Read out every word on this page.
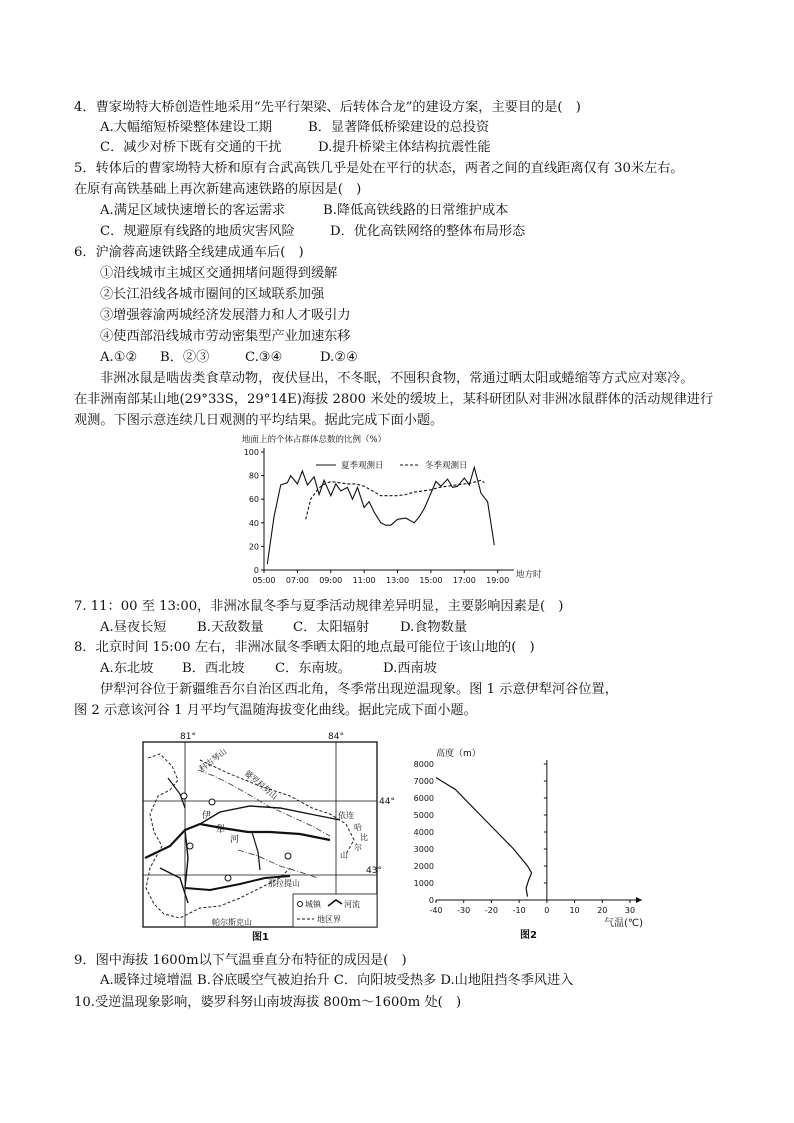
4．曹家坳特大桥创造性地采用“先平行架梁、后转体合龙”的建设方案，主要目的是(　)
A.大幅缩短桥梁整体建设工期	B．显著降低桥梁建设的总投资
C．减少对桥下既有交通的干扰	D.提升桥梁主体结构抗震性能
5．转体后的曹家坳特大桥和原有合武高铁几乎是处在平行的状态，两者之间的直线距离仅有 30米左右。
在原有高铁基础上再次新建高速铁路的原因是(　)
A.满足区域快速增长的客运需求	B.降低高铁线路的日常维护成本
C．规避原有线路的地质灾害风险	D．优化高铁网络的整体布局形态
6．沪渝蓉高速铁路全线建成通车后(　)
①沿线城市主城区交通拥堵问题得到缓解
②长江沿线各城市圈间的区域联系加强
③增强蓉渝两城经济发展潜力和人才吸引力
④使西部沿线城市劳动密集型产业加速东移
A.①② B．②③	C.③④	D.②④
非洲冰鼠是啮齿类食草动物，夜伏昼出，不冬眠，不囤积食物，常通过晒太阳或蜷缩等方式应对寒冷。
在非洲南部某山地(29°33S，29°14E)海拔 2800 米处的缓坡上，某科研团队对非洲冰鼠群体的活动规律进行
观测。下图示意连续几日观测的平均结果。据此完成下面小题。
地面上的个体占群体总数的比例（%）
0
20
40
60
80
100
05:00 07:00 09:00 11:00 13:00 15:00 17:00 19:00
夏季观测日	冬季观测日
地方时
7. 11：00 至 13:00，非洲冰鼠冬季与夏季活动规律差异明显，主要影响因素是(　)
A.昼夜长短 B.天敌数量 C．太阳辐射 D.食物数量
8．北京时间 15:00 左右，非洲冰鼠冬季晒太阳的地点最可能位于该山地的(　)
A.东北坡 B．西北坡 C．东南坡。 D.西南坡
伊犁河谷位于新疆维吾尔自治区西北角，冬季常出现逆温现象。图 1 示意伊犁河谷位置，
图 2 示意该河谷 1 月平均气温随海拔变化曲线。据此完成下面小题。
81°	84°
44°
43°
科古琴山
婆罗科努山
伊
犁
河
依连
哈
比
尔
山
那拉提山
帕尔斯克山
城镇	河流
地区界
图1
高度（m）
0
1000
2000
3000
4000
5000
6000
7000
8000
-40 -30 -20 -10 0	10 20 30
气温(℃)
图2
9．图中海拔 1600m以下气温垂直分布特征的成因是(　)
A.暖锋过境增温 B.谷底暖空气被迫抬升 C．向阳坡受热多 D.山地阻挡冬季风进入
10.受逆温现象影响，婆罗科努山南坡海拔 800m～1600m 处(　)
